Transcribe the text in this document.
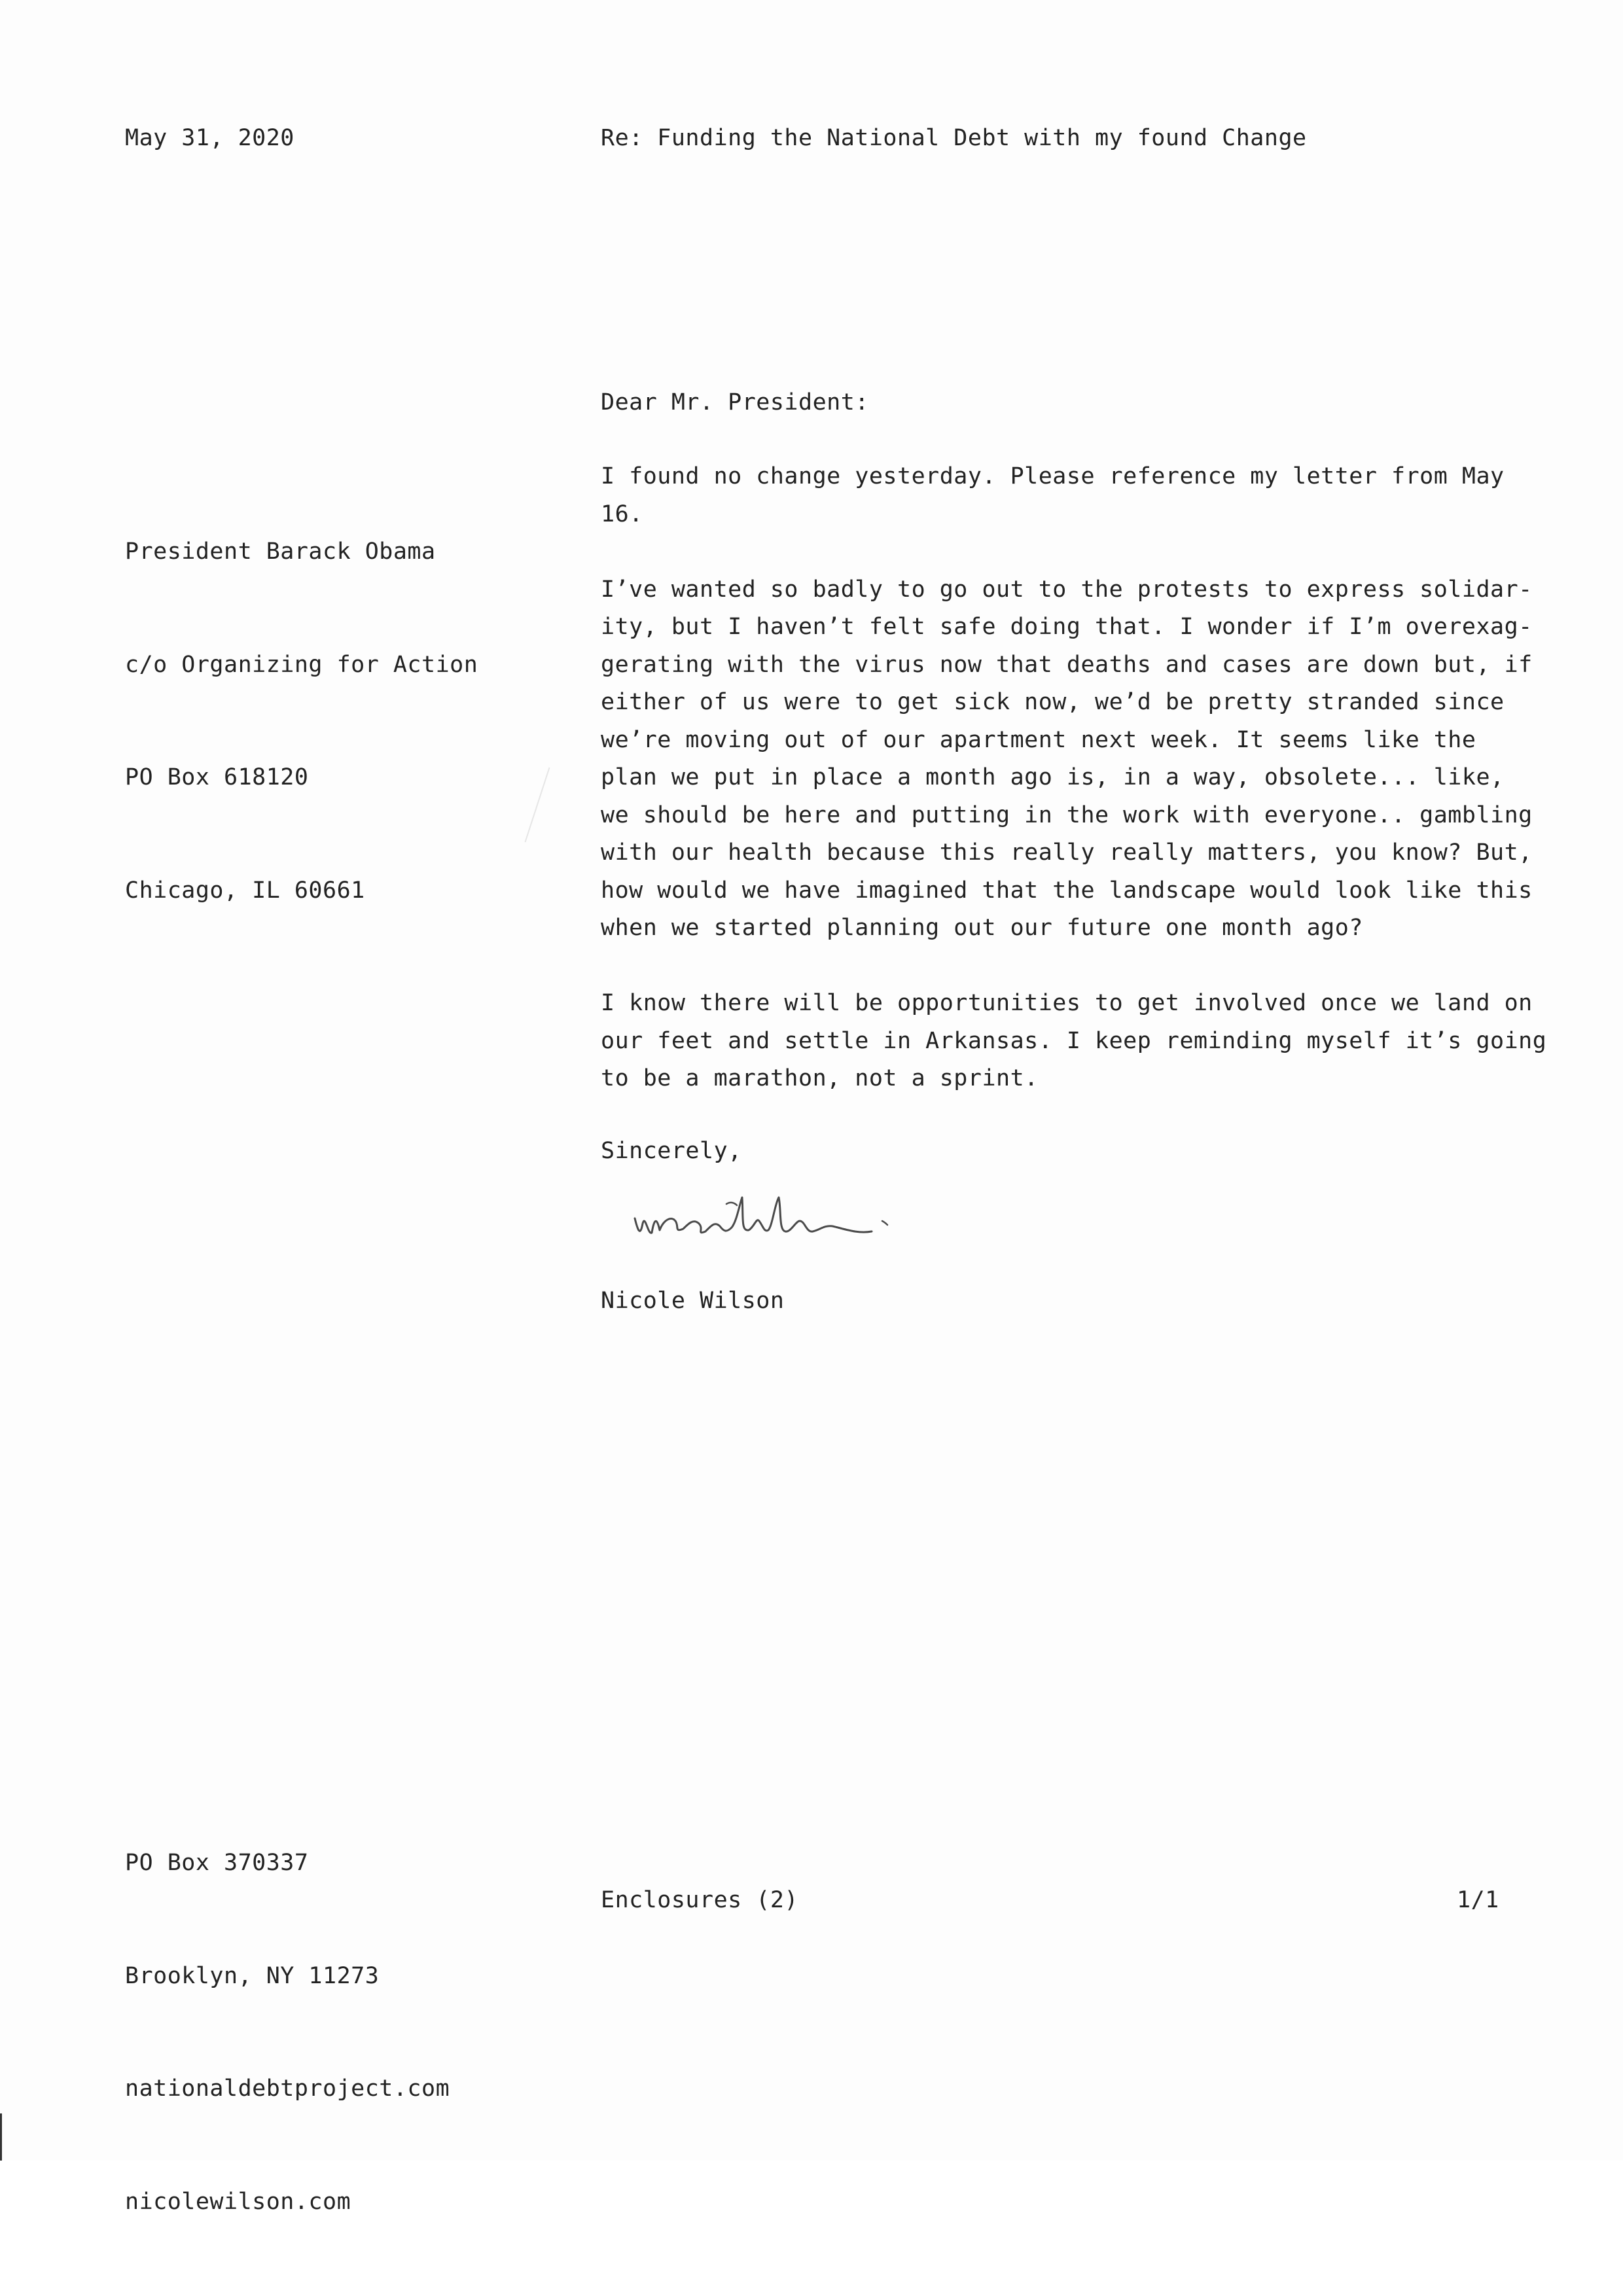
May 31, 2020	Re: Funding the National Debt with my found Change
Dear Mr. President:

President Barack Obama

c/o Organizing for Action

PO Box 618120

Chicago, IL 60661

I found no change yesterday. Please reference my letter from May
16.
I’ve wanted so badly to go out to the protests to express solidar-
ity, but I haven’t felt safe doing that. I wonder if I’m overexag-
gerating with the virus now that deaths and cases are down but, if
either of us were to get sick now, we’d be pretty stranded since
we’re moving out of our apartment next week. It seems like the
plan we put in place a month ago is, in a way, obsolete... like,
we should be here and putting in the work with everyone.. gambling
with our health because this really really matters, you know? But,
how would we have imagined that the landscape would look like this
when we started planning out our future one month ago?
I know there will be opportunities to get involved once we land on
our feet and settle in Arkansas. I keep reminding myself it’s going
to be a marathon, not a sprint.
Sincerely,
Nicole Wilson

PO Box 370337

Brooklyn, NY 11273

nationaldebtproject.com

nicolewilson.com

Enclosures (2)	1/1
